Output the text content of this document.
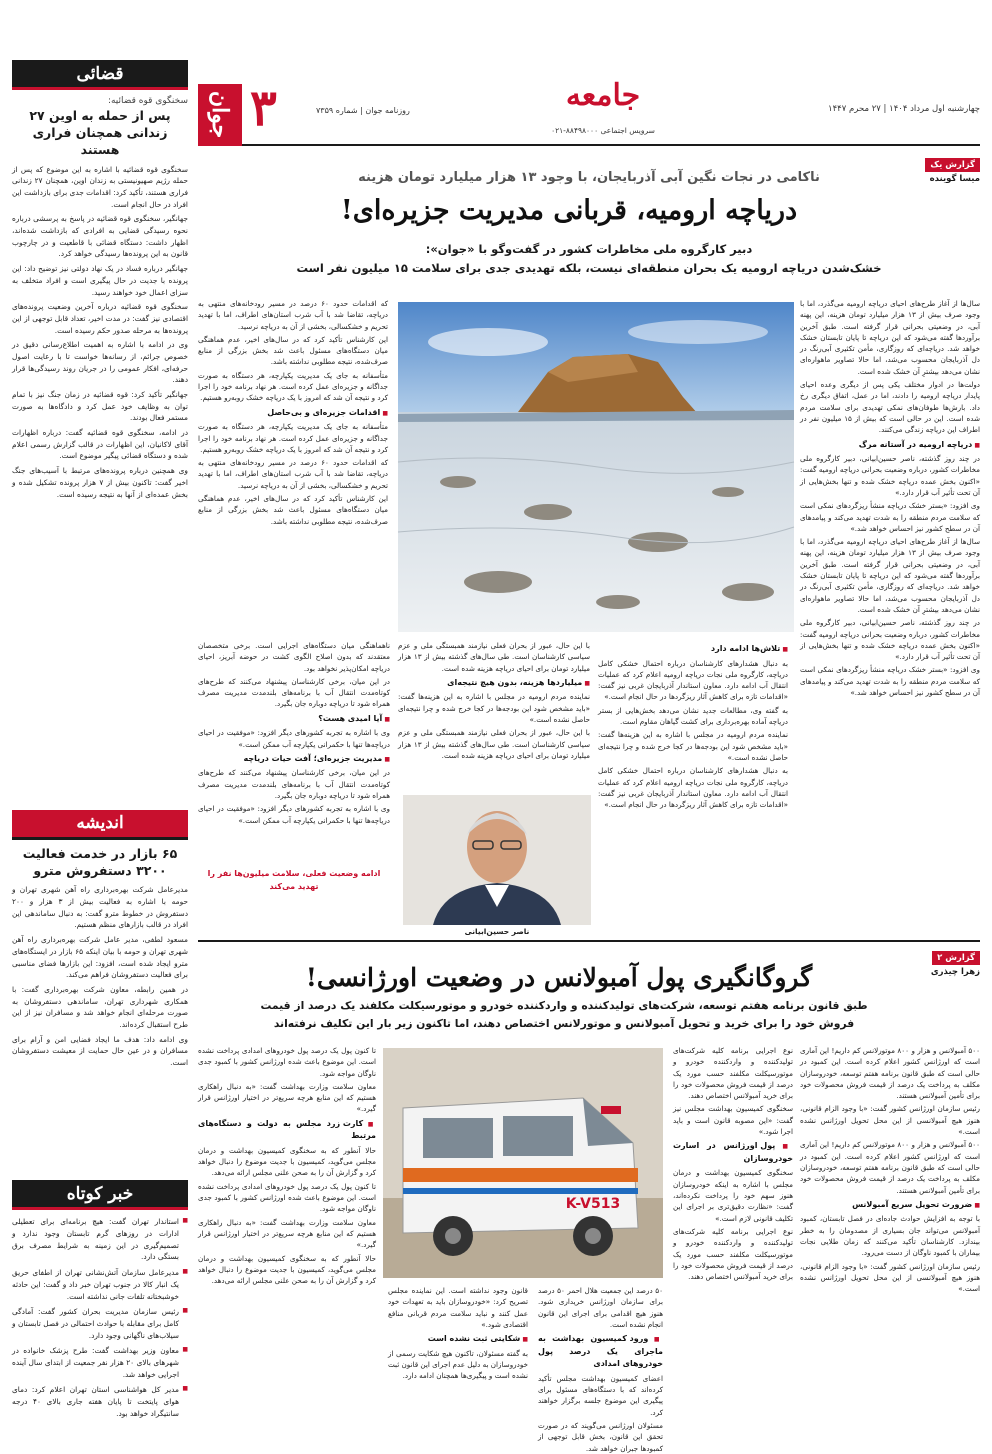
قضائی
سخنگوی قوه قضائیه:
پس از حمله به اوین ۲۷ زندانی همچنان فراری هستند

سخنگوی قوه قضائیه با اشاره به این موضوع که پس از حمله رژیم صهیونیستی به زندان اوین، همچنان ۲۷ زندانی فراری هستند، تأکید کرد: اقدامات جدی برای بازداشت این افراد در حال انجام است.

جهانگیر، سخنگوی قوه قضائیه در پاسخ به پرسشی درباره نحوه رسیدگی قضایی به افرادی که بازداشت شده‌اند، اظهار داشت: دستگاه قضائی با قاطعیت و در چارچوب قانون به این پرونده‌ها رسیدگی خواهد کرد.

جهانگیر درباره فساد در یک نهاد دولتی نیز توضیح داد: این پرونده با جدیت در حال پیگیری است و افراد متخلف به سزای اعمال خود خواهند رسید.

سخنگوی قوه قضائیه درباره آخرین وضعیت پرونده‌های اقتصادی نیز گفت: در مدت اخیر، تعداد قابل توجهی از این پرونده‌ها به مرحله صدور حکم رسیده است.

وی در ادامه با اشاره به اهمیت اطلاع‌رسانی دقیق در خصوص جرائم، از رسانه‌ها خواست تا با رعایت اصول حرفه‌ای، افکار عمومی را در جریان روند رسیدگی‌ها قرار دهند.

جهانگیر تأکید کرد: قوه قضائیه در زمان جنگ نیز با تمام توان به وظایف خود عمل کرد و دادگاه‌ها به صورت مستمر فعال بودند.

در ادامه، سخنگوی قوه قضائیه گفت: درباره اظهارات آقای لاکانیان، این اظهارات در قالب گزارش رسمی اعلام شده و دستگاه قضائی پیگیر موضوع است.

وی همچنین درباره پرونده‌های مرتبط با آسیب‌های جنگ اخیر گفت: تاکنون بیش از ۷ هزار پرونده تشکیل شده و بخش عمده‌ای از آنها به نتیجه رسیده است.

اندیشه
۶۵ بازار در خدمت فعالیت ۳۲۰۰ دستفروش مترو

مدیرعامل شرکت بهره‌برداری راه آهن شهری تهران و حومه با اشاره به فعالیت بیش از ۳ هزار و ۲۰۰ دستفروش در خطوط مترو گفت: به دنبال ساماندهی این افراد در قالب بازارهای منظم هستیم.

مسعود لطفی، مدیر عامل شرکت بهره‌برداری راه آهن شهری تهران و حومه با بیان اینکه ۶۵ بازار در ایستگاه‌های مترو ایجاد شده است، افزود: این بازارها فضای مناسبی برای فعالیت دستفروشان فراهم می‌کند.

در همین رابطه، معاون شرکت بهره‌برداری گفت: با همکاری شهرداری تهران، ساماندهی دستفروشان به صورت مرحله‌ای انجام خواهد شد و مسافران نیز از این طرح استقبال کرده‌اند.

وی ادامه داد: هدف ما ایجاد فضایی امن و آرام برای مسافران و در عین حال حمایت از معیشت دستفروشان است.

خبر کوتاه
■ استاندار تهران گفت: هیچ برنامه‌ای برای تعطیلی ادارات در روزهای گرم تابستان وجود ندارد و تصمیم‌گیری در این زمینه به شرایط مصرف برق بستگی دارد.
■ مدیرعامل سازمان آتش‌نشانی تهران از اطفای حریق یک انبار کالا در جنوب تهران خبر داد و گفت: این حادثه خوشبختانه تلفات جانی نداشته است.
■ رئیس سازمان مدیریت بحران کشور گفت: آمادگی کامل برای مقابله با حوادث احتمالی در فصل تابستان و سیلاب‌های ناگهانی وجود دارد.
■ معاون وزیر بهداشت گفت: طرح پزشک خانواده در شهرهای بالای ۲۰ هزار نفر جمعیت از ابتدای سال آینده اجرایی خواهد شد.
■ مدیر کل هواشناسی استان تهران اعلام کرد: دمای هوای پایتخت تا پایان هفته جاری بالای ۴۰ درجه سانتیگراد خواهد بود.
چهارشنبه اول مرداد ۱۴۰۴ | ۲۷ محرم ۱۴۴۷
جامعه
سرویس اجتماعی ۸۸۴۹۸۰۰۰-۰۲۱
روزنامه جوان | شماره ۷۳۵۹
۳
جوان
گزارش یک
میسا گوینده
ناکامی در نجات نگین آبی آذربایجان، با وجود ۱۳ هزار میلیارد تومان هزینه
دریاچه ارومیه، قربانی مدیریت جزیره‌ای!
دبیر کارگروه ملی مخاطرات کشور در گفت‌وگو با «جوان»:
خشک‌شدن دریاچه ارومیه یک بحران منطقه‌ای نیست، بلکه تهدیدی جدی برای سلامت ۱۵ میلیون نفر است

سال‌ها از آغاز طرح‌های احیای دریاچه ارومیه می‌گذرد، اما با وجود صرف بیش از ۱۳ هزار میلیارد تومان هزینه، این پهنه آبی، در وضعیتی بحرانی قرار گرفته است. طبق آخرین برآوردها گفته می‌شود که این دریاچه تا پایان تابستان خشک خواهد شد. دریاچه‌ای که روزگاری، مأمن تکثیری آبی‌رنگ در دل آذربایجان محسوب می‌شد، اما حالا تصاویر ماهواره‌ای نشان می‌دهد بیشترِ آن خشک شده است.

دولت‌ها در ادوار مختلف یکی پس از دیگری وعده احیای پایدار دریاچه ارومیه را دادند، اما در عمل، اتفاق دیگری رخ داد. بارش‌ها طوفان‌های نمکی تهدیدی برای سلامت مردم شده است. این در حالی است که بیش از ۱۵ میلیون نفر در اطراف این دریاچه زندگی می‌کنند.

■ دریاچه ارومیه در آستانه مرگ

در چند روز گذشته، ناصر حسین‌ابیانی، دبیر کارگروه ملی مخاطرات کشور، درباره وضعیت بحرانی دریاچه ارومیه گفت: «اکنون بخش عمده دریاچه خشک شده و تنها بخش‌هایی از آن تحت تأثیر آب قرار دارد.»

وی افزود: «بستر خشک دریاچه منشأ ریزگردهای نمکی است که سلامت مردم منطقه را به شدت تهدید می‌کند و پیامدهای آن در سطح کشور نیز احساس خواهد شد.»

سال‌ها از آغاز طرح‌های احیای دریاچه ارومیه می‌گذرد، اما با وجود صرف بیش از ۱۳ هزار میلیارد تومان هزینه، این پهنه آبی، در وضعیتی بحرانی قرار گرفته است. طبق آخرین برآوردها گفته می‌شود که این دریاچه تا پایان تابستان خشک خواهد شد. دریاچه‌ای که روزگاری، مأمن تکثیری آبی‌رنگ در دل آذربایجان محسوب می‌شد، اما حالا تصاویر ماهواره‌ای نشان می‌دهد بیشترِ آن خشک شده است.

در چند روز گذشته، ناصر حسین‌ابیانی، دبیر کارگروه ملی مخاطرات کشور، درباره وضعیت بحرانی دریاچه ارومیه گفت: «اکنون بخش عمده دریاچه خشک شده و تنها بخش‌هایی از آن تحت تأثیر آب قرار دارد.»

وی افزود: «بستر خشک دریاچه منشأ ریزگردهای نمکی است که سلامت مردم منطقه را به شدت تهدید می‌کند و پیامدهای آن در سطح کشور نیز احساس خواهد شد.»

که اقدامات حدود ۶۰ درصد در مسیر رودخانه‌های منتهی به دریاچه، تقاضا شد با آب شرب استان‌های اطراف، اما با تهدید تحریم و خشکسالی، بخشی از آن به دریاچه نرسید.

این کارشناس تأکید کرد که در سال‌های اخیر، عدم هماهنگی میان دستگاه‌های مسئول باعث شد بخش بزرگی از منابع صرف‌شده، نتیجه مطلوبی نداشته باشد.

متأسفانه به جای یک مدیریت یکپارچه، هر دستگاه به صورت جداگانه و جزیره‌ای عمل کرده است. هر نهاد برنامه خود را اجرا کرد و نتیجه آن شد که امروز با یک دریاچه خشک روبه‌رو هستیم.

■ اقدامات جزیره‌ای و بی‌حاصل

متأسفانه به جای یک مدیریت یکپارچه، هر دستگاه به صورت جداگانه و جزیره‌ای عمل کرده است. هر نهاد برنامه خود را اجرا کرد و نتیجه آن شد که امروز با یک دریاچه خشک روبه‌رو هستیم.

که اقدامات حدود ۶۰ درصد در مسیر رودخانه‌های منتهی به دریاچه، تقاضا شد با آب شرب استان‌های اطراف، اما با تهدید تحریم و خشکسالی، بخشی از آن به دریاچه نرسید.

این کارشناس تأکید کرد که در سال‌های اخیر، عدم هماهنگی میان دستگاه‌های مسئول باعث شد بخش بزرگی از منابع صرف‌شده، نتیجه مطلوبی نداشته باشد.

■ تلاش‌ها ادامه دارد

به دنبال هشدارهای کارشناسان درباره احتمال خشکی کامل دریاچه، کارگروه ملی نجات دریاچه ارومیه اعلام کرد که عملیات انتقال آب ادامه دارد. معاون استاندار آذربایجان غربی نیز گفت: «اقدامات تازه برای کاهش آثار ریزگردها در حال انجام است.»

به گفته وی، مطالعات جدید نشان می‌دهد بخش‌هایی از بستر دریاچه آماده بهره‌برداری برای کشت گیاهان مقاوم است.

نماینده مردم ارومیه در مجلس با اشاره به این هزینه‌ها گفت: «باید مشخص شود این بودجه‌ها در کجا خرج شده و چرا نتیجه‌ای حاصل نشده است.»

به دنبال هشدارهای کارشناسان درباره احتمال خشکی کامل دریاچه، کارگروه ملی نجات دریاچه ارومیه اعلام کرد که عملیات انتقال آب ادامه دارد. معاون استاندار آذربایجان غربی نیز گفت: «اقدامات تازه برای کاهش آثار ریزگردها در حال انجام است.»

با این حال، عبور از بحران فعلی نیازمند همبستگی ملی و عزم سیاسی کارشناسان است. طی سال‌های گذشته بیش از ۱۳ هزار میلیارد تومان برای احیای دریاچه هزینه شده است.

■ میلیاردها هزینه، بدون هیچ نتیجه‌ای

نماینده مردم ارومیه در مجلس با اشاره به این هزینه‌ها گفت: «باید مشخص شود این بودجه‌ها در کجا خرج شده و چرا نتیجه‌ای حاصل نشده است.»

با این حال، عبور از بحران فعلی نیازمند همبستگی ملی و عزم سیاسی کارشناسان است. طی سال‌های گذشته بیش از ۱۳ هزار میلیارد تومان برای احیای دریاچه هزینه شده است.

ناهماهنگی میان دستگاه‌های اجرایی است. برخی متخصصان معتقدند که بدون اصلاح الگوی کشت در حوضه آبریز، احیای دریاچه امکان‌پذیر نخواهد بود.

در این میان، برخی کارشناسان پیشنهاد می‌کنند که طرح‌های کوتاه‌مدت انتقال آب با برنامه‌های بلندمدت مدیریت مصرف همراه شود تا دریاچه دوباره جان بگیرد.

■ آیا امیدی هست؟

وی با اشاره به تجربه کشورهای دیگر افزود: «موفقیت در احیای دریاچه‌ها تنها با حکمرانی یکپارچه آب ممکن است.»

■ مدیریت جزیره‌ای؛ آفت حیات دریاچه

در این میان، برخی کارشناسان پیشنهاد می‌کنند که طرح‌های کوتاه‌مدت انتقال آب با برنامه‌های بلندمدت مدیریت مصرف همراه شود تا دریاچه دوباره جان بگیرد.

وی با اشاره به تجربه کشورهای دیگر افزود: «موفقیت در احیای دریاچه‌ها تنها با حکمرانی یکپارچه آب ممکن است.»

ناصر حسین‌ابیانی

ادامه وضعیت فعلی، سلامت میلیون‌ها نفر را تهدید می‌کند

گزارش ۲
زهرا چیذری
گروگانگیری پول آمبولانس در وضعیت اورژانسی!
طبق قانون برنامه هفتم توسعه، شرکت‌های تولیدکننده و واردکننده خودرو و موتورسیکلت مکلفند یک درصد از قیمت فروش خود را برای خرید و تحویل آمبولانس و موتورلانس اختصاص دهند، اما تاکنون زیر بار این تکلیف نرفته‌اند

۵۰۰ آمبولانس و هزار و ۸۰۰ موتورلانس کم داریم! این آماری است که اورژانس کشور اعلام کرده است. این کمبود در حالی است که طبق قانون برنامه هفتم توسعه، خودروسازان مکلف به پرداخت یک درصد از قیمت فروش محصولات خود برای تأمین آمبولانس هستند.

رئیس سازمان اورژانس کشور گفت: «با وجود الزام قانونی، هنوز هیچ آمبولانسی از این محل تحویل اورژانس نشده است.»

۵۰۰ آمبولانس و هزار و ۸۰۰ موتورلانس کم داریم! این آماری است که اورژانس کشور اعلام کرده است. این کمبود در حالی است که طبق قانون برنامه هفتم توسعه، خودروسازان مکلف به پرداخت یک درصد از قیمت فروش محصولات خود برای تأمین آمبولانس هستند.

■ ضرورت تحویل سریع آمبولانس

با توجه به افزایش حوادث جاده‌ای در فصل تابستان، کمبود آمبولانس می‌تواند جان بسیاری از مصدومان را به خطر بیندازد. کارشناسان تأکید می‌کنند که زمان طلایی نجات بیماران با کمبود ناوگان از دست می‌رود.

رئیس سازمان اورژانس کشور گفت: «با وجود الزام قانونی، هنوز هیچ آمبولانسی از این محل تحویل اورژانس نشده است.»

نوع اجرایی برنامه کلیه شرکت‌های تولیدکننده و واردکننده خودرو و موتورسیکلت مکلفند حسب مورد یک درصد از قیمت فروش محصولات خود را برای خرید آمبولانس اختصاص دهند.

سخنگوی کمیسیون بهداشت مجلس نیز گفت: «این مصوبه قانون است و باید اجرا شود.»

■ پول اورژانس در اسارت خودروسازان

سخنگوی کمیسیون بهداشت و درمان مجلس با اشاره به اینکه خودروسازان هنوز سهم خود را پرداخت نکرده‌اند، گفت: «نظارت دقیق‌تری بر اجرای این تکلیف قانونی لازم است.»

نوع اجرایی برنامه کلیه شرکت‌های تولیدکننده و واردکننده خودرو و موتورسیکلت مکلفند حسب مورد یک درصد از قیمت فروش محصولات خود را برای خرید آمبولانس اختصاص دهند.

K-V513

۵۰ درصد این جمعیت هلال احمر ۵۰ درصد برای سازمان اورژانس خریداری شود. هنوز هیچ اقدامی برای اجرای این قانون انجام نشده است.

■ ورود کمیسیون بهداشت به ماجرای یک درصد پول خودروهای امدادی

اعضای کمیسیون بهداشت مجلس تأکید کرده‌اند که با دستگاه‌های مسئول برای پیگیری این موضوع جلسه برگزار خواهند کرد.

مسئولان اورژانس می‌گویند که در صورت تحقق این قانون، بخش قابل توجهی از کمبودها جبران خواهد شد.

قانون وجود نداشته است. این نماینده مجلس تصریح کرد: «خودروسازان باید به تعهدات خود عمل کنند و نباید سلامت مردم قربانی منافع اقتصادی شود.»

■ شکایتی ثبت نشده است

به گفته مسئولان، تاکنون هیچ شکایت رسمی از خودروسازان به دلیل عدم اجرای این قانون ثبت نشده است و پیگیری‌ها همچنان ادامه دارد.

تا کنون پول یک درصد پول خودروهای امدادی پرداخت نشده است. این موضوع باعث شده اورژانس کشور با کمبود جدی ناوگان مواجه شود.

معاون سلامت وزارت بهداشت گفت: «به دنبال راهکاری هستیم که این منابع هرچه سریع‌تر در اختیار اورژانس قرار گیرد.»

■ کارت زرد مجلس به دولت و دستگاه‌های مرتبط

حالا آنطور که به سخنگوی کمیسیون بهداشت و درمان مجلس می‌گوید، کمیسیون با جدیت موضوع را دنبال خواهد کرد و گزارش آن را به صحن علنی مجلس ارائه می‌دهد.

تا کنون پول یک درصد پول خودروهای امدادی پرداخت نشده است. این موضوع باعث شده اورژانس کشور با کمبود جدی ناوگان مواجه شود.

معاون سلامت وزارت بهداشت گفت: «به دنبال راهکاری هستیم که این منابع هرچه سریع‌تر در اختیار اورژانس قرار گیرد.»

حالا آنطور که به سخنگوی کمیسیون بهداشت و درمان مجلس می‌گوید، کمیسیون با جدیت موضوع را دنبال خواهد کرد و گزارش آن را به صحن علنی مجلس ارائه می‌دهد.
